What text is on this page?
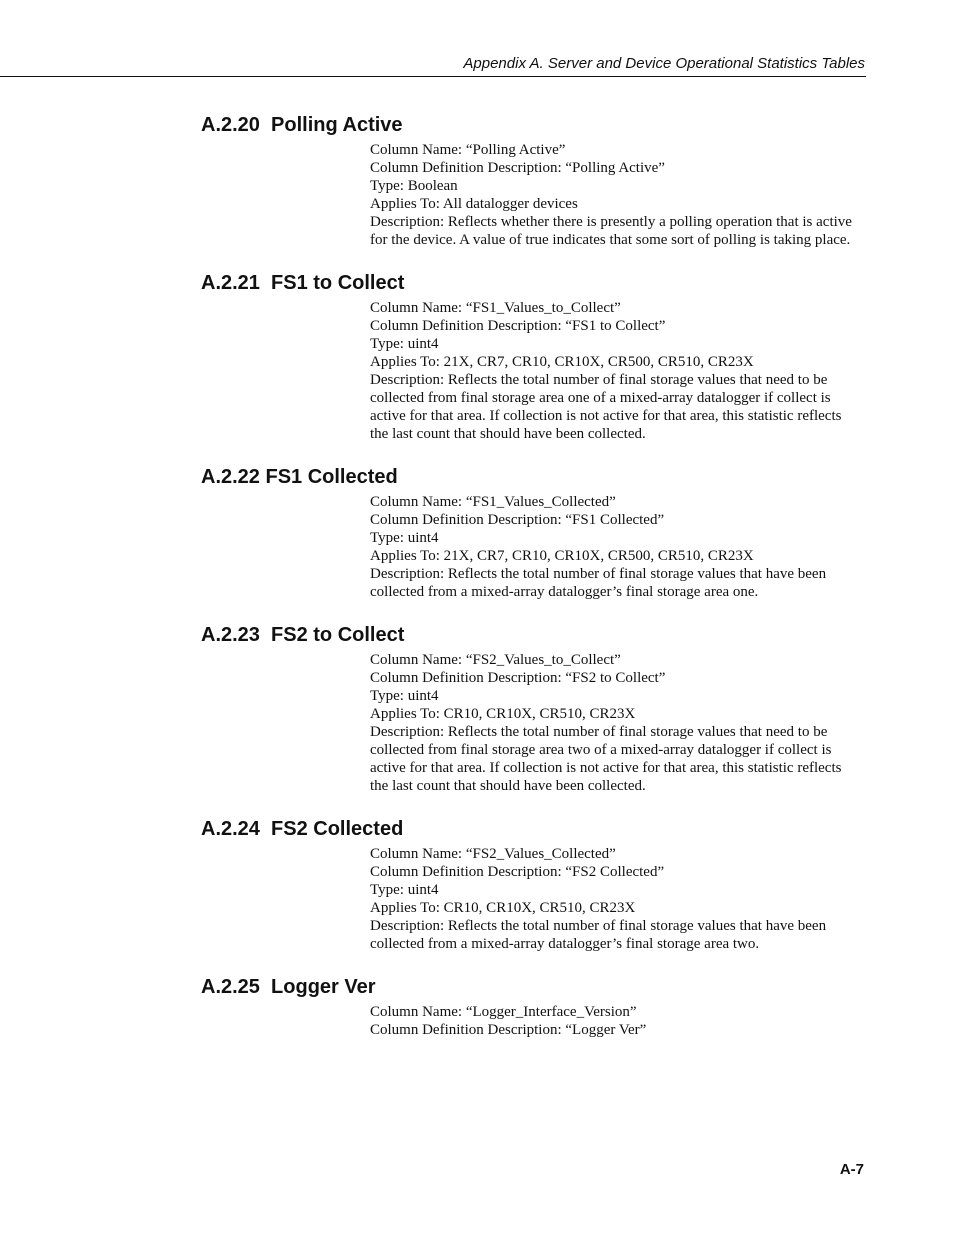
Appendix A. Server and Device Operational Statistics Tables
A.2.20  Polling Active

Column Name: “Polling Active”

Column Definition Description: “Polling Active”

Type: Boolean

Applies To: All datalogger devices

Description: Reflects whether there is presently a polling operation that is active for the device. A value of true indicates that some sort of polling is taking place.

A.2.21  FS1 to Collect

Column Name: “FS1_Values_to_Collect”

Column Definition Description: “FS1 to Collect”

Type: uint4

Applies To: 21X, CR7, CR10, CR10X, CR500, CR510, CR23X

Description: Reflects the total number of final storage values that need to be collected from final storage area one of a mixed-array datalogger if collect is active for that area. If collection is not active for that area, this statistic reflects the last count that should have been collected.

A.2.22 FS1 Collected

Column Name: “FS1_Values_Collected”

Column Definition Description: “FS1 Collected”

Type: uint4

Applies To: 21X, CR7, CR10, CR10X, CR500, CR510, CR23X

Description: Reflects the total number of final storage values that have been collected from a mixed-array datalogger’s final storage area one.

A.2.23  FS2 to Collect

Column Name: “FS2_Values_to_Collect”

Column Definition Description: “FS2 to Collect”

Type: uint4

Applies To: CR10, CR10X, CR510, CR23X

Description: Reflects the total number of final storage values that need to be collected from final storage area two of a mixed-array datalogger if collect is active for that area. If collection is not active for that area, this statistic reflects the last count that should have been collected.

A.2.24  FS2 Collected

Column Name: “FS2_Values_Collected”

Column Definition Description: “FS2 Collected”

Type: uint4

Applies To: CR10, CR10X, CR510, CR23X

Description: Reflects the total number of final storage values that have been collected from a mixed-array datalogger’s final storage area two.

A.2.25  Logger Ver

Column Name: “Logger_Interface_Version”

Column Definition Description: “Logger Ver”

A-7
